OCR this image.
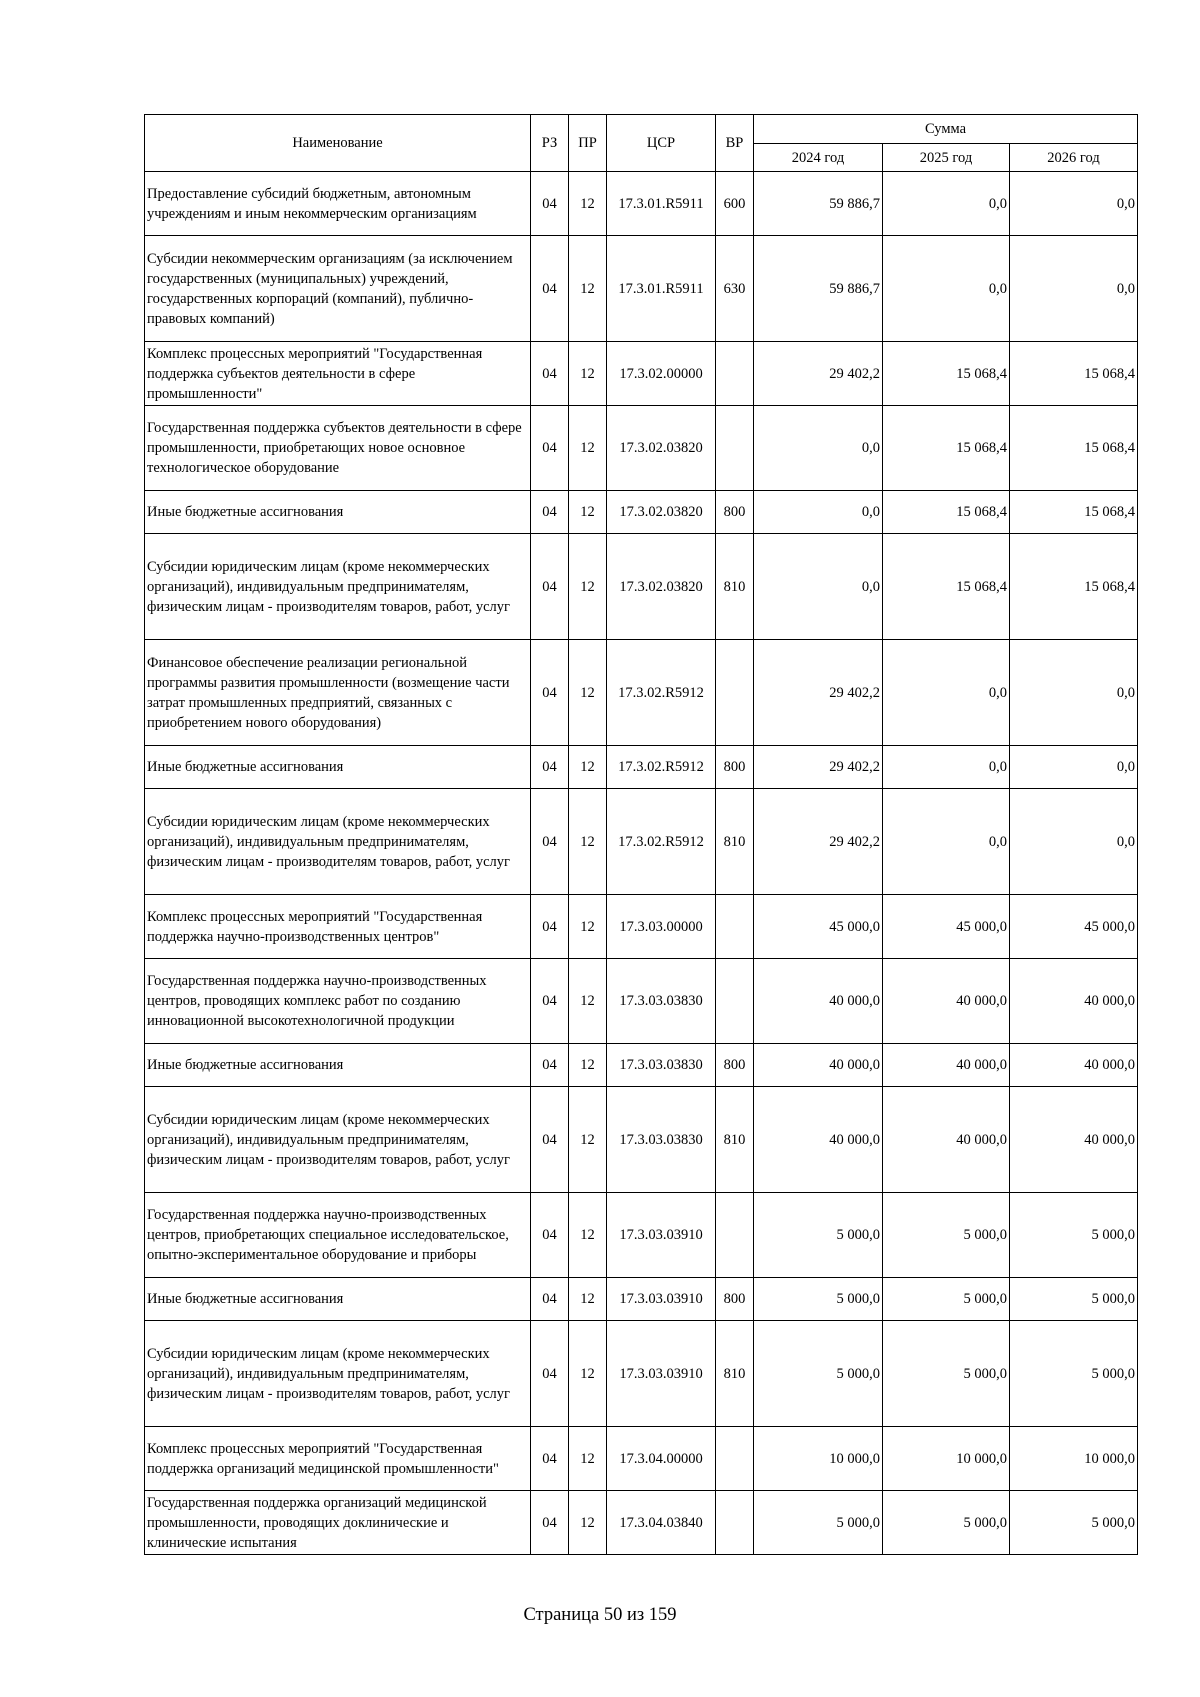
Наименование	РЗ	ПР	ЦСР	ВР	Сумма		
					2024 год	2025 год	2026 год
Предоставление субсидий бюджетным, автономным учреждениям и иным некоммерческим организациям	04	12	17.3.01.R5911	600	59 886,7	0,0	0,0
Субсидии некоммерческим организациям (за исключением государственных (муниципальных) учреждений, государственных корпораций (компаний), публично-правовых компаний)	04	12	17.3.01.R5911	630	59 886,7	0,0	0,0
Комплекс процессных мероприятий "Государственная поддержка субъектов деятельности в сфере промышленности"	04	12	17.3.02.00000		29 402,2	15 068,4	15 068,4
Государственная поддержка субъектов деятельности в сфере промышленности, приобретающих новое основное технологическое оборудование	04	12	17.3.02.03820		0,0	15 068,4	15 068,4
Иные бюджетные ассигнования	04	12	17.3.02.03820	800	0,0	15 068,4	15 068,4
Субсидии юридическим лицам (кроме некоммерческих организаций), индивидуальным предпринимателям, физическим лицам - производителям товаров, работ, услуг	04	12	17.3.02.03820	810	0,0	15 068,4	15 068,4
Финансовое обеспечение реализации региональной программы развития промышленности (возмещение части затрат промышленных предприятий, связанных с приобретением нового оборудования)	04	12	17.3.02.R5912		29 402,2	0,0	0,0
Иные бюджетные ассигнования	04	12	17.3.02.R5912	800	29 402,2	0,0	0,0
Субсидии юридическим лицам (кроме некоммерческих организаций), индивидуальным предпринимателям, физическим лицам - производителям товаров, работ, услуг	04	12	17.3.02.R5912	810	29 402,2	0,0	0,0
Комплекс процессных мероприятий "Государственная поддержка научно-производственных центров"	04	12	17.3.03.00000		45 000,0	45 000,0	45 000,0
Государственная поддержка научно-производственных центров, проводящих комплекс работ по созданию инновационной высокотехнологичной продукции	04	12	17.3.03.03830		40 000,0	40 000,0	40 000,0
Иные бюджетные ассигнования	04	12	17.3.03.03830	800	40 000,0	40 000,0	40 000,0
Субсидии юридическим лицам (кроме некоммерческих организаций), индивидуальным предпринимателям, физическим лицам - производителям товаров, работ, услуг	04	12	17.3.03.03830	810	40 000,0	40 000,0	40 000,0
Государственная поддержка научно-производственных центров, приобретающих специальное исследовательское, опытно-экспериментальное оборудование и приборы	04	12	17.3.03.03910		5 000,0	5 000,0	5 000,0
Иные бюджетные ассигнования	04	12	17.3.03.03910	800	5 000,0	5 000,0	5 000,0
Субсидии юридическим лицам (кроме некоммерческих организаций), индивидуальным предпринимателям, физическим лицам - производителям товаров, работ, услуг	04	12	17.3.03.03910	810	5 000,0	5 000,0	5 000,0
Комплекс процессных мероприятий "Государственная поддержка организаций медицинской промышленности"	04	12	17.3.04.00000		10 000,0	10 000,0	10 000,0
Государственная поддержка организаций медицинской промышленности, проводящих доклинические и клинические испытания	04	12	17.3.04.03840		5 000,0	5 000,0	5 000,0
Страница 50 из 159
